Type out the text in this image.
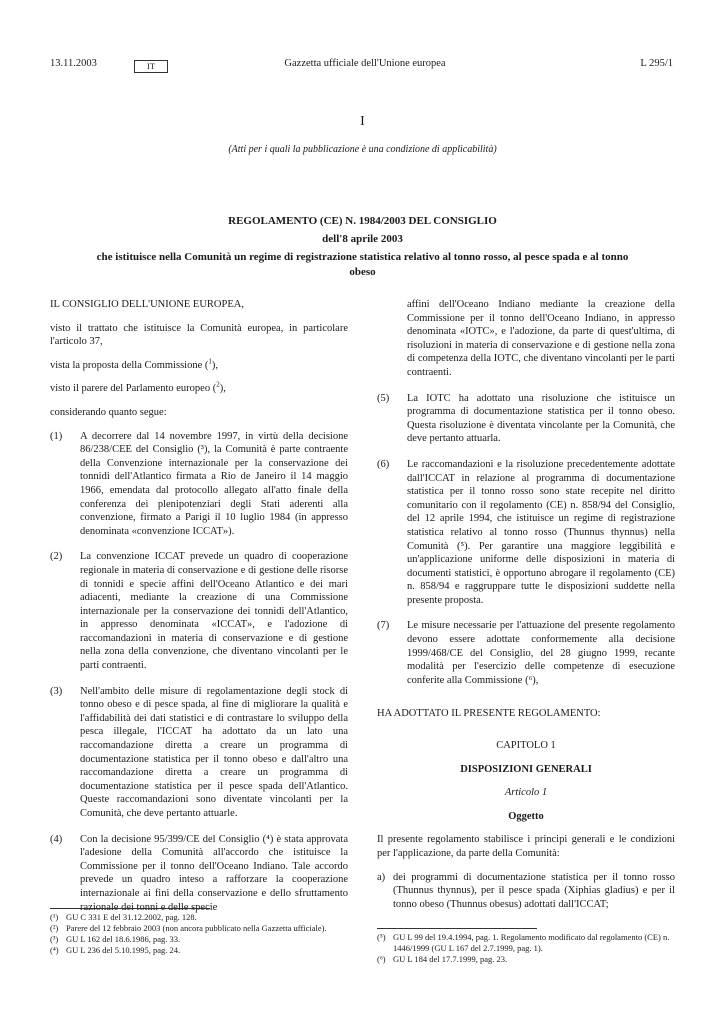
13.11.2003	IT	Gazzetta ufficiale dell'Unione europea	L 295/1
I
(Atti per i quali la pubblicazione è una condizione di applicabilità)
REGOLAMENTO (CE) N. 1984/2003 DEL CONSIGLIO
dell'8 aprile 2003
che istituisce nella Comunità un regime di registrazione statistica relativo al tonno rosso, al pesce spada e al tonno obeso

IL CONSIGLIO DELL'UNIONE EUROPEA,

visto il trattato che istituisce la Comunità europea, in particolare l'articolo 37,

vista la proposta della Commissione ($^1$),

visto il parere del Parlamento europeo ($^2$),

considerando quanto segue:

(1) A decorrere dal 14 novembre 1997, in virtù della decisione 86/238/CEE del Consiglio (³), la Comunità è parte contraente della Convenzione internazionale per la conservazione dei tonnidi dell'Atlantico firmata a Rio de Janeiro il 14 maggio 1966, emendata dal protocollo allegato all'atto finale della conferenza dei plenipotenziari degli Stati aderenti alla convenzione, firmato a Parigi il 10 luglio 1984 (in appresso denominata «convenzione ICCAT»).
(2) La convenzione ICCAT prevede un quadro di cooperazione regionale in materia di conservazione e di gestione delle risorse di tonnidi e specie affini dell'Oceano Atlantico e dei mari adiacenti, mediante la creazione di una Commissione internazionale per la conservazione dei tonnidi dell'Atlantico, in appresso denominata «ICCAT», e l'adozione di raccomandazioni in materia di conservazione e di gestione nella zona della convenzione, che diventano vincolanti per le parti contraenti.
(3) Nell'ambito delle misure di regolamentazione degli stock di tonno obeso e di pesce spada, al fine di migliorare la qualità e l'affidabilità dei dati statistici e di contrastare lo sviluppo della pesca illegale, l'ICCAT ha adottato da un lato una raccomandazione diretta a creare un programma di documentazione statistica per il tonno obeso e dall'altro una raccomandazione diretta a creare un programma di documentazione statistica per il pesce spada dell'Atlantico. Queste raccomandazioni sono diventate vincolanti per la Comunità, che deve pertanto attuarle.
(4) Con la decisione 95/399/CE del Consiglio (⁴) è stata approvata l'adesione della Comunità all'accordo che istituisce la Commissione per il tonno dell'Oceano Indiano. Tale accordo prevede un quadro inteso a rafforzare la cooperazione internazionale ai fini della conservazione e dello sfruttamento razionale dei tonni e delle specie
(¹) GU C 331 E del 31.12.2002, pag. 128.
(²) Parere del 12 febbraio 2003 (non ancora pubblicato nella Gazzetta ufficiale).
(³) GU L 162 del 18.6.1986, pag. 33.
(⁴) GU L 236 del 5.10.1995, pag. 24.
affini dell'Oceano Indiano mediante la creazione della Commissione per il tonno dell'Oceano Indiano, in appresso denominata «IOTC», e l'adozione, da parte di quest'ultima, di risoluzioni in materia di conservazione e di gestione nella zona di competenza della IOTC, che diventano vincolanti per le parti contraenti.
(5) La IOTC ha adottato una risoluzione che istituisce un programma di documentazione statistica per il tonno obeso. Questa risoluzione è diventata vincolante per la Comunità, che deve pertanto attuarla.
(6) Le raccomandazioni e la risoluzione precedentemente adottate dall'ICCAT in relazione al programma di documentazione statistica per il tonno rosso sono state recepite nel diritto comunitario con il regolamento (CE) n. 858/94 del Consiglio, del 12 aprile 1994, che istituisce un regime di registrazione statistica relativo al tonno rosso (Thunnus thynnus) nella Comunità (⁵). Per garantire una maggiore leggibilità e un'applicazione uniforme delle disposizioni in materia di documenti statistici, è opportuno abrogare il regolamento (CE) n. 858/94 e raggruppare tutte le disposizioni suddette nella presente proposta.
(7) Le misure necessarie per l'attuazione del presente regolamento devono essere adottate conformemente alla decisione 1999/468/CE del Consiglio, del 28 giugno 1999, recante modalità per l'esercizio delle competenze di esecuzione conferite alla Commissione (⁶),

HA ADOTTATO IL PRESENTE REGOLAMENTO:

CAPITOLO 1

DISPOSIZIONI GENERALI

Articolo 1

Oggetto

Il presente regolamento stabilisce i principi generali e le condizioni per l'applicazione, da parte della Comunità:

a) dei programmi di documentazione statistica per il tonno rosso (Thunnus thynnus), per il pesce spada (Xiphias gladius) e per il tonno obeso (Thunnus obesus) adottati dall'ICCAT;
(⁵) GU L 99 del 19.4.1994, pag. 1. Regolamento modificato dal regolamento (CE) n. 1446/1999 (GU L 167 del 2.7.1999, pag. 1).
(⁶) GU L 184 del 17.7.1999, pag. 23.
